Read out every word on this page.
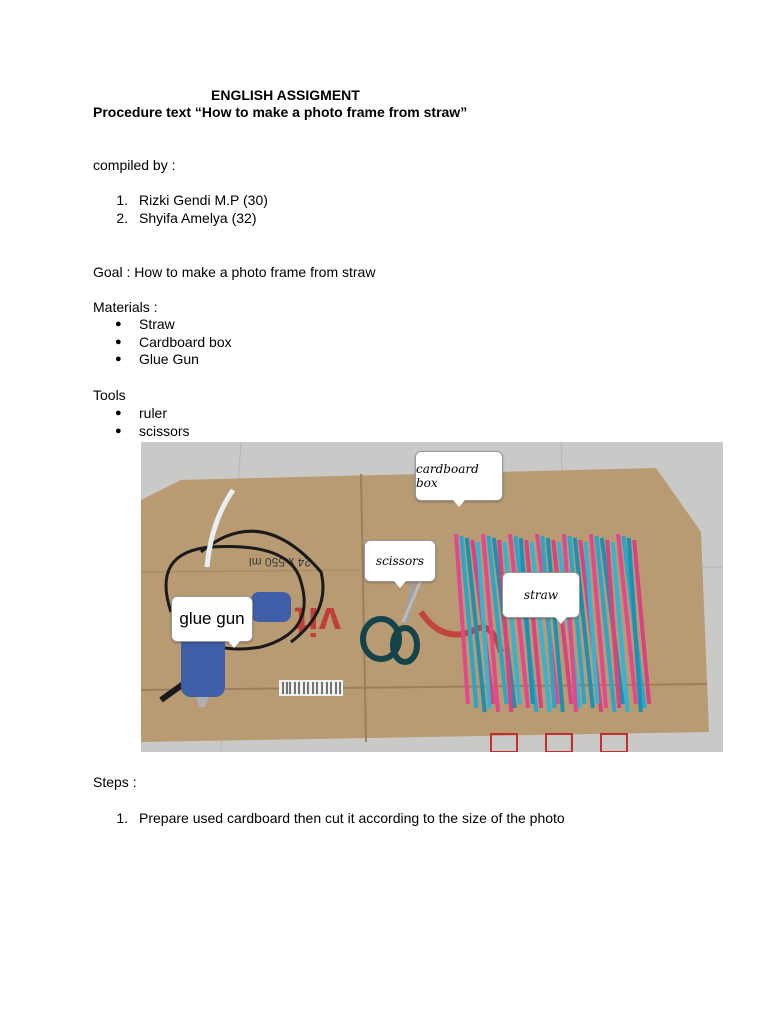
ENGLISH ASSIGMENT
Procedure text “How to make a photo frame from straw”
compiled by :
1. Rizki Gendi M.P (30)
2. Shyifa Amelya (32)
Goal : How to make a photo frame from straw
Materials :
● Straw
● Cardboard box
● Glue Gun
Tools
● ruler
● scissors
24 x 550 ml
vit
cardboard box
scissors
straw
glue gun
Steps :
1. Prepare used cardboard then cut it according to the size of the photo
